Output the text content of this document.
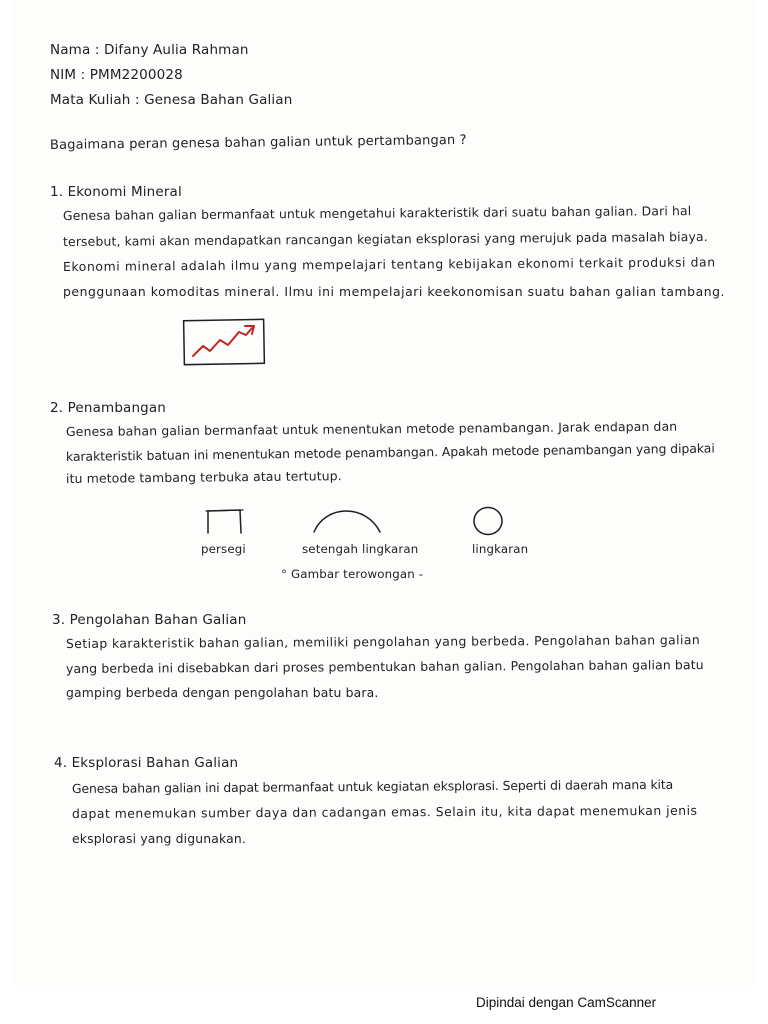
Nama : Difany Aulia Rahman
NIM : PMM2200028
Mata Kuliah : Genesa Bahan Galian
Bagaimana peran genesa bahan galian untuk pertambangan ?
1. Ekonomi Mineral
Genesa bahan galian bermanfaat untuk mengetahui karakteristik dari suatu bahan galian. Dari hal
tersebut, kami akan mendapatkan rancangan kegiatan eksplorasi yang merujuk pada masalah biaya.
Ekonomi mineral adalah ilmu yang mempelajari tentang kebijakan ekonomi terkait produksi dan
penggunaan komoditas mineral. Ilmu ini mempelajari keekonomisan suatu bahan galian tambang.
2. Penambangan
Genesa bahan galian bermanfaat untuk menentukan metode penambangan. Jarak endapan dan
karakteristik batuan ini menentukan metode penambangan. Apakah metode penambangan yang dipakai
itu metode tambang terbuka atau tertutup.
persegi	setengah lingkaran	lingkaran
° Gambar terowongan -
3. Pengolahan Bahan Galian
Setiap karakteristik bahan galian, memiliki pengolahan yang berbeda. Pengolahan bahan galian
yang berbeda ini disebabkan dari proses pembentukan bahan galian. Pengolahan bahan galian batu
gamping berbeda dengan pengolahan batu bara.
4. Eksplorasi Bahan Galian
Genesa bahan galian ini dapat bermanfaat untuk kegiatan eksplorasi. Seperti di daerah mana kita
dapat menemukan sumber daya dan cadangan emas. Selain itu, kita dapat menemukan jenis
eksplorasi yang digunakan.
Dipindai dengan CamScanner
